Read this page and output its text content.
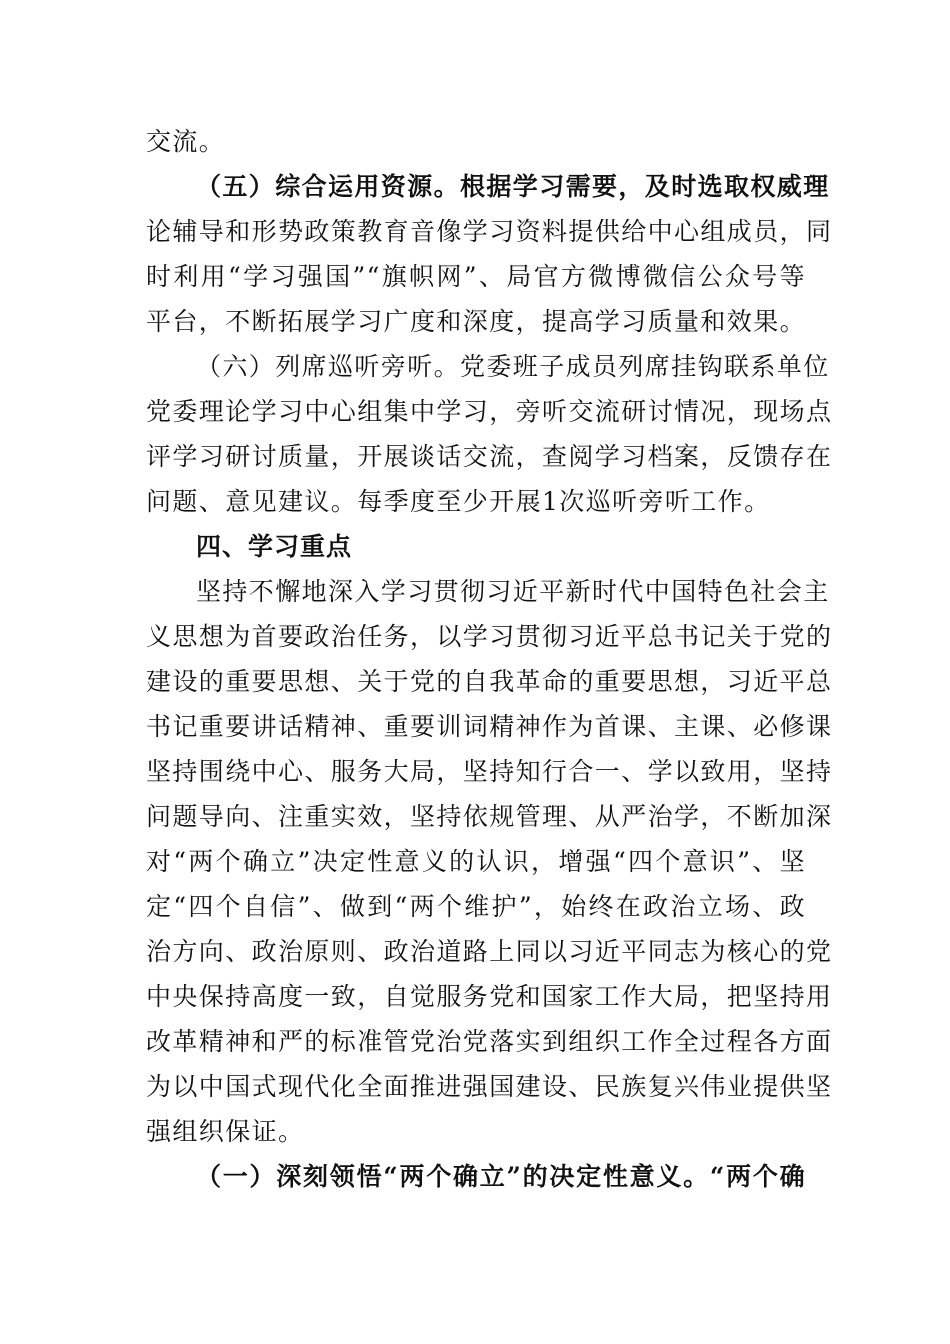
交流。
（五）综合运用资源。根据学习需要，及时选取权威理
论辅导和形势政策教育音像学习资料提供给中心组成员，同
时利用“学习强国”“旗帜网”、局官方微博微信公众号等
平台，不断拓展学习广度和深度，提高学习质量和效果。
（六）列席巡听旁听。党委班子成员列席挂钩联系单位
党委理论学习中心组集中学习，旁听交流研讨情况，现场点
评学习研讨质量，开展谈话交流，查阅学习档案，反馈存在
问题、意见建议。每季度至少开展1次巡听旁听工作。
四、学习重点
坚持不懈地深入学习贯彻习近平新时代中国特色社会主
义思想为首要政治任务，以学习贯彻习近平总书记关于党的
建设的重要思想、关于党的自我革命的重要思想，习近平总
书记重要讲话精神、重要训词精神作为首课、主课、必修课
坚持围绕中心、服务大局，坚持知行合一、学以致用，坚持
问题导向、注重实效，坚持依规管理、从严治学，不断加深
对“两个确立”决定性意义的认识，增强“四个意识”、坚
定“四个自信”、做到“两个维护”，始终在政治立场、政
治方向、政治原则、政治道路上同以习近平同志为核心的党
中央保持高度一致，自觉服务党和国家工作大局，把坚持用
改革精神和严的标准管党治党落实到组织工作全过程各方面
为以中国式现代化全面推进强国建设、民族复兴伟业提供坚
强组织保证。
（一）深刻领悟“两个确立”的决定性意义。“两个确
